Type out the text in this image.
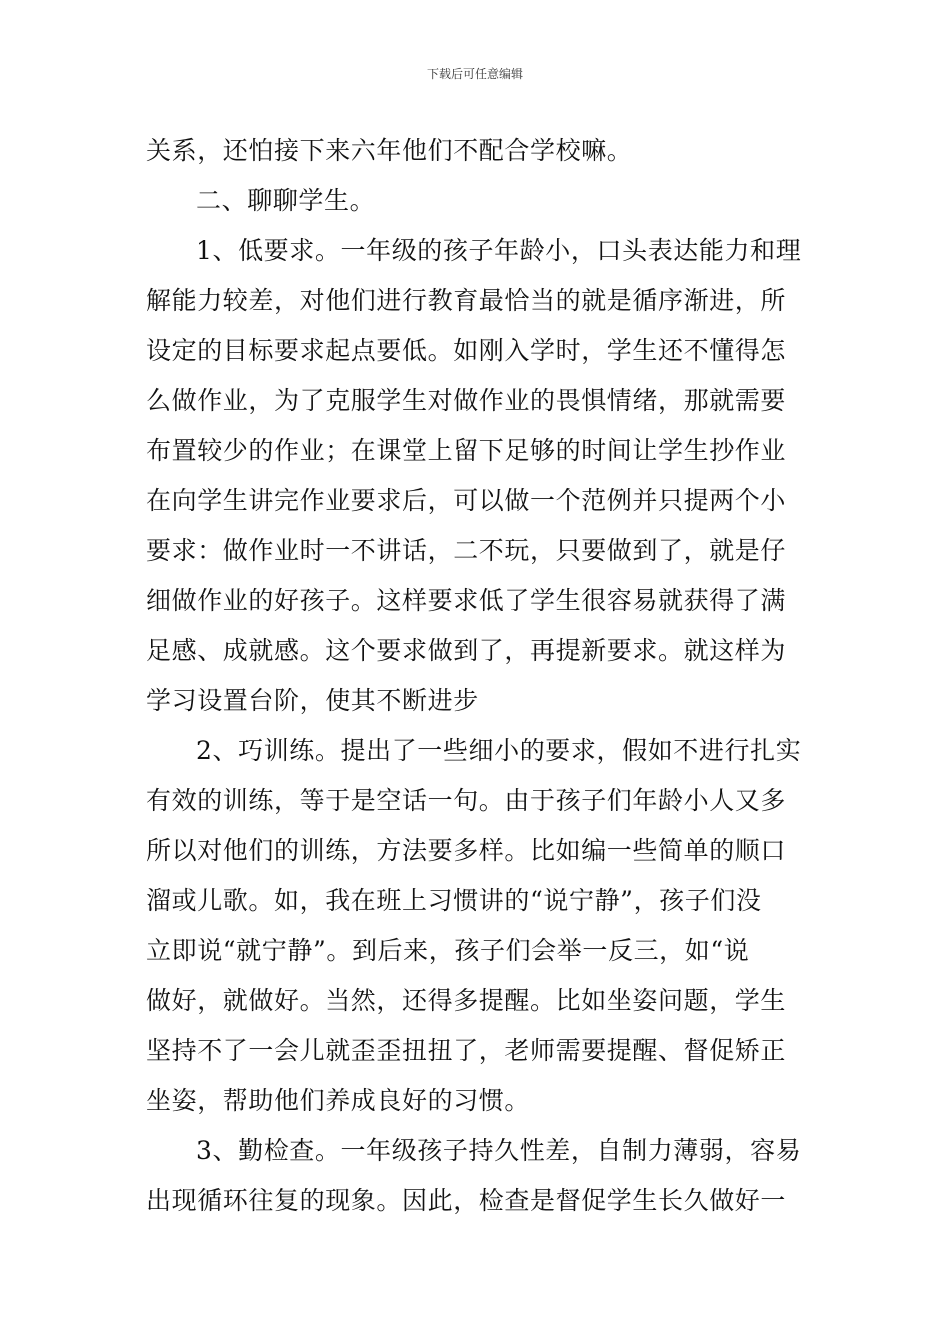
下载后可任意编辑
关系，还怕接下来六年他们不配合学校嘛。
二、聊聊学生。
1、低要求。一年级的孩子年龄小，口头表达能力和理
解能力较差，对他们进行教育最恰当的就是循序渐进，所
设定的目标要求起点要低。如刚入学时，学生还不懂得怎
么做作业，为了克服学生对做作业的畏惧情绪，那就需要
布置较少的作业；在课堂上留下足够的时间让学生抄作业
在向学生讲完作业要求后，可以做一个范例并只提两个小
要求：做作业时一不讲话，二不玩，只要做到了，就是仔
细做作业的好孩子。这样要求低了学生很容易就获得了满
足感、成就感。这个要求做到了，再提新要求。就这样为
学习设置台阶，使其不断进步
2、巧训练。提出了一些细小的要求，假如不进行扎实
有效的训练，等于是空话一句。由于孩子们年龄小人又多
所以对他们的训练，方法要多样。比如编一些简单的顺口
溜或儿歌。如，我在班上习惯讲的“说宁静”，孩子们没
立即说“就宁静”。到后来，孩子们会举一反三，如“说
做好，就做好。当然，还得多提醒。比如坐姿问题，学生
坚持不了一会儿就歪歪扭扭了，老师需要提醒、督促矫正
坐姿，帮助他们养成良好的习惯。
3、勤检查。一年级孩子持久性差，自制力薄弱，容易
出现循环往复的现象。因此，检查是督促学生长久做好一
